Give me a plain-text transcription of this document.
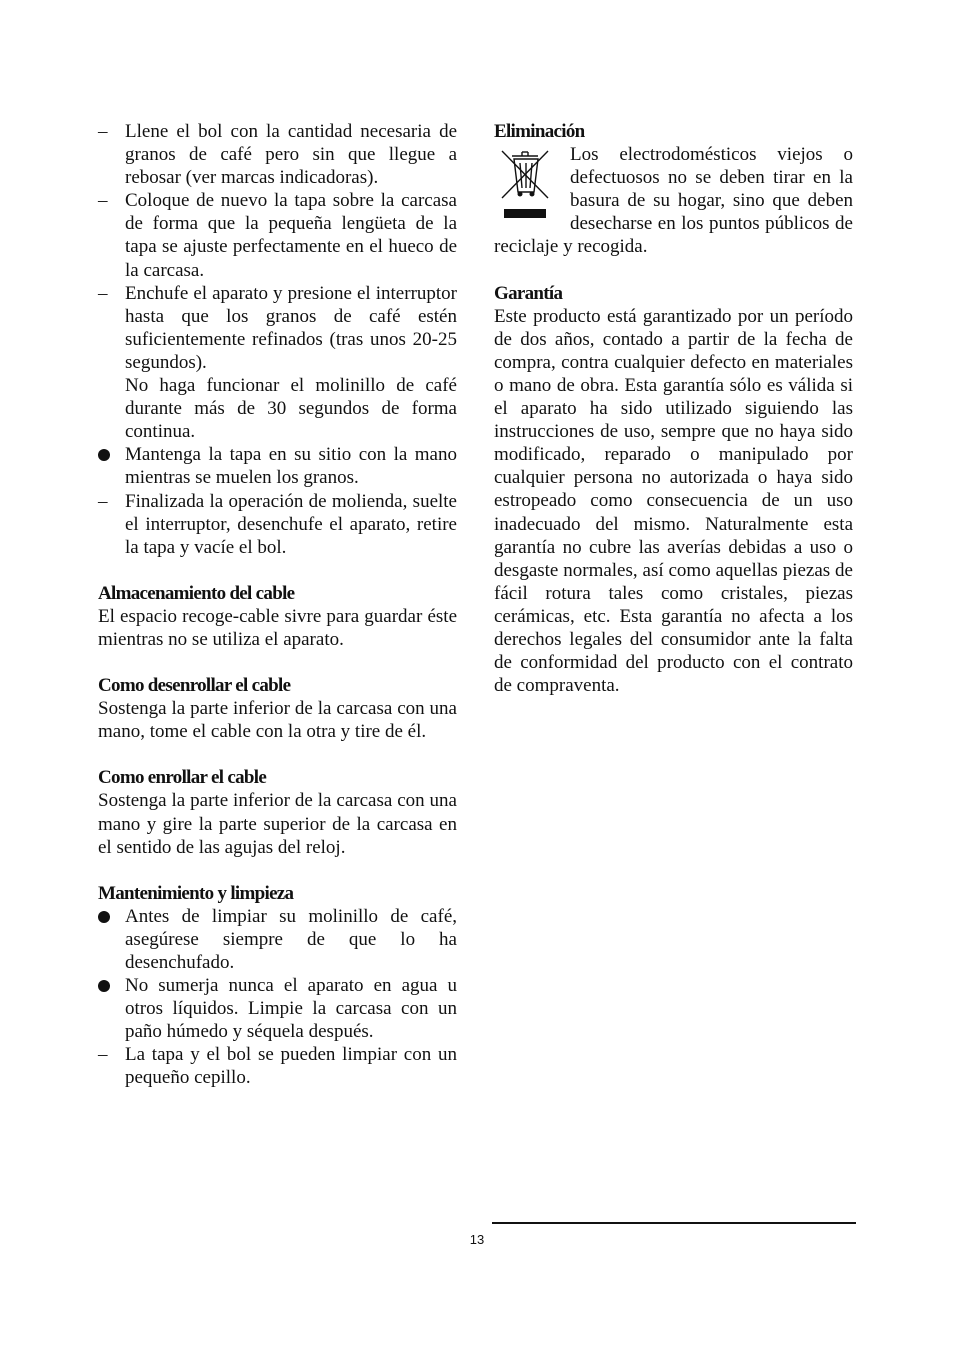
– Llene el bol con la cantidad necesaria de granos de café pero sin que llegue a rebosar (ver marcas indicadoras).
– Coloque de nuevo la tapa sobre la carcasa de forma que la pequeña lengüeta de la tapa se ajuste perfectamente en el hueco de la carcasa.
– Enchufe el aparato y presione el interruptor hasta que los granos de café estén suficientemente refinados (tras unos 20-25 segundos).
No haga funcionar el molinillo de café durante más de 30 segundos de forma continua.
Mantenga la tapa en su sitio con la mano mientras se muelen los granos.
– Finalizada la operación de molienda, suelte el interruptor, desenchufe el aparato, retire la tapa y vacíe el bol.
Almacenamiento del cable
El espacio recoge-cable sivre para guardar éste mientras no se utiliza el aparato.
Como desenrollar el cable
Sostenga la parte inferior de la carcasa con una mano, tome el cable con la otra y tire de él.
Como enrollar el cable
Sostenga la parte inferior de la carcasa con una mano y gire la parte superior de la carcasa en el sentido de las agujas del reloj.
Mantenimiento y limpieza
Antes de limpiar su molinillo de café, asegúrese siempre de que lo ha desenchufado.
No sumerja nunca el aparato en agua u otros líquidos. Limpie la carcasa con un paño húmedo y séquela después.
– La tapa y el bol se pueden limpiar con un pequeño cepillo.
Eliminación
Los electrodomésticos viejos o defectuosos no se deben tirar en la basura de su hogar, sino que deben desecharse en los puntos públicos de reciclaje y recogida.
Garantía
Este producto está garantizado por un período de dos años, contado a partir de la fecha de compra, contra cualquier defecto en materiales o mano de obra. Esta garantía sólo es válida si el aparato ha sido utilizado siguiendo las instrucciones de uso, sempre que no haya sido modificado, reparado o manipulado por cualquier persona no autorizada o haya sido estropeado como consecuencia de un uso inadecuado del mismo. Naturalmente esta garantía no cubre las averías debidas a uso o desgaste normales, así como aquellas piezas de fácil rotura tales como cristales, piezas cerámicas, etc. Esta garantía no afecta a los derechos legales del consumidor ante la falta de conformidad del producto con el contrato de compraventa.
13
